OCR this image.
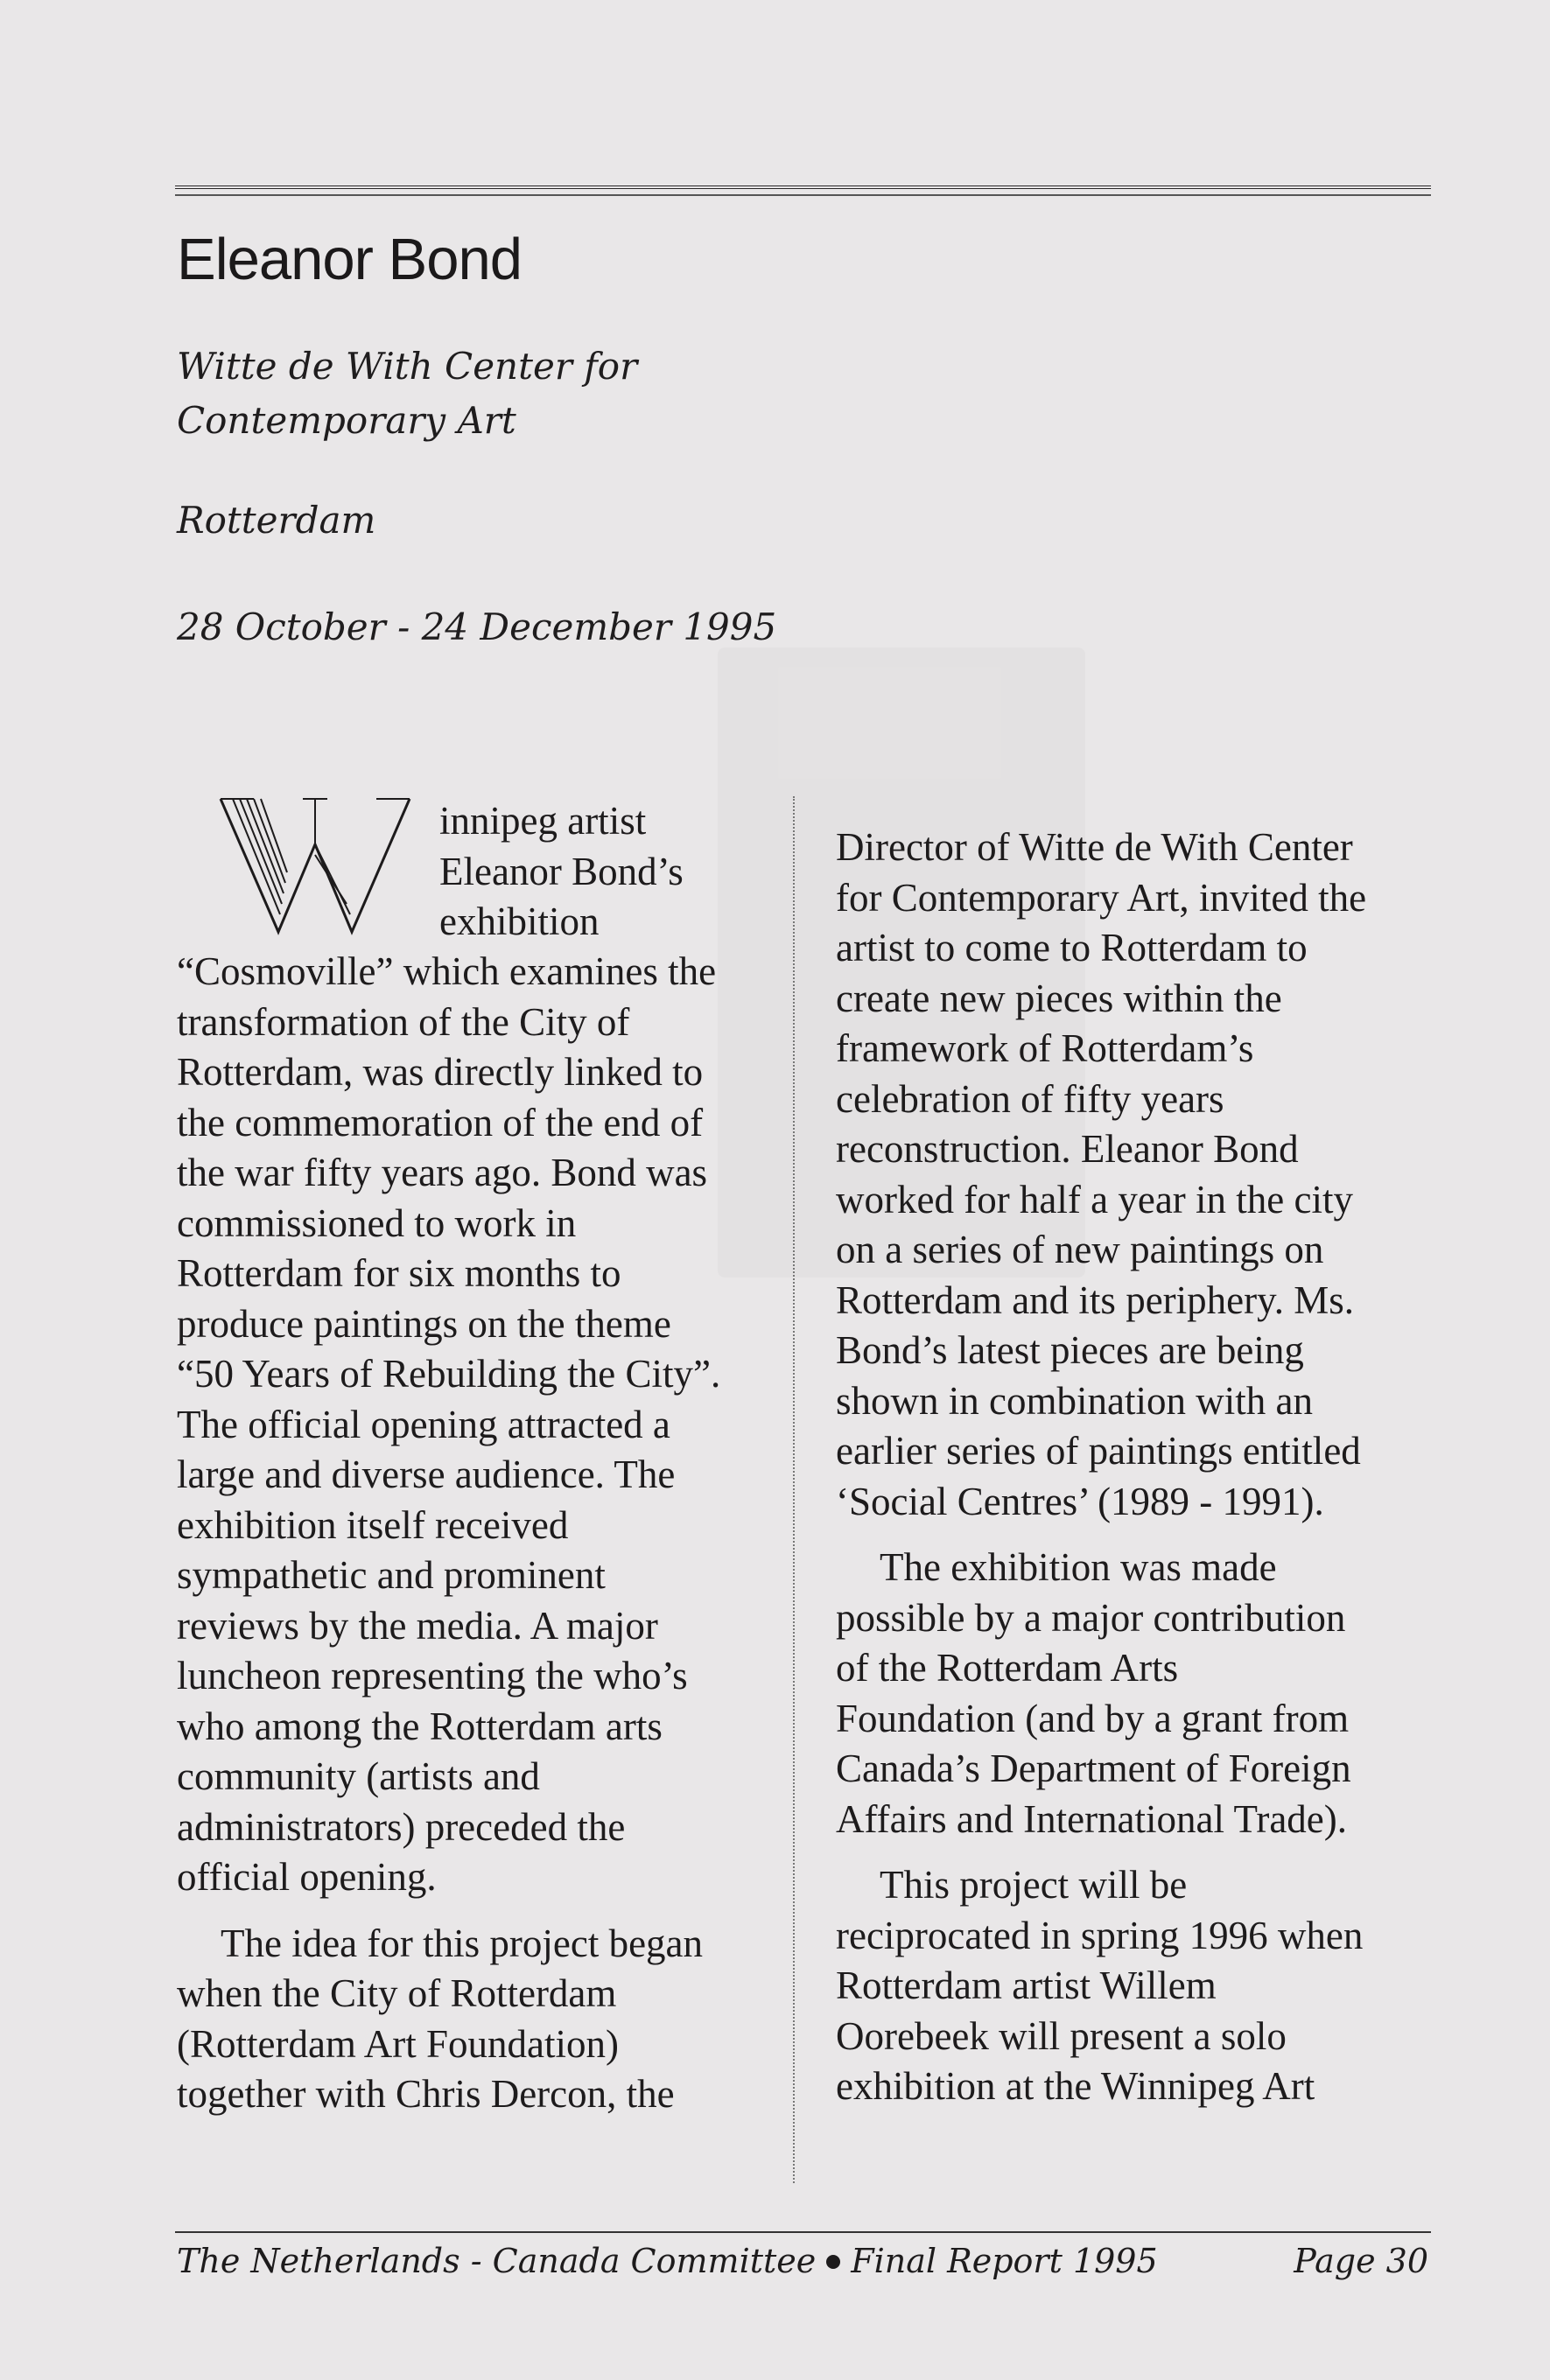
Eleanor Bond
Witte de With Center for
Contemporary Art
Rotterdam
28 October - 24 December 1995
W
innipeg artist
Eleanor Bond’s
exhibition
“Cosmoville” which examines the
transformation of the City of
Rotterdam, was directly linked to
the commemoration of the end of
the war fifty years ago. Bond was
commissioned to work in
Rotterdam for six months to
produce paintings on the theme
“50 Years of Rebuilding the City”.
The official opening attracted a
large and diverse audience. The
exhibition itself received
sympathetic and prominent
reviews by the media. A major
luncheon representing the who’s
who among the Rotterdam arts
community (artists and
administrators) preceded the
official opening.
The idea for this project began
when the City of Rotterdam
(Rotterdam Art Foundation)
together with Chris Dercon, the
Director of Witte de With Center
for Contemporary Art, invited the
artist to come to Rotterdam to
create new pieces within the
framework of Rotterdam’s
celebration of fifty years
reconstruction. Eleanor Bond
worked for half a year in the city
on a series of new paintings on
Rotterdam and its periphery. Ms.
Bond’s latest pieces are being
shown in combination with an
earlier series of paintings entitled
‘Social Centres’ (1989 - 1991).
The exhibition was made
possible by a major contribution
of the Rotterdam Arts
Foundation (and by a grant from
Canada’s Department of Foreign
Affairs and International Trade).
This project will be
reciprocated in spring 1996 when
Rotterdam artist Willem
Oorebeek will present a solo
exhibition at the Winnipeg Art
The Netherlands - Canada Committee Final Report 1995	Page 30
